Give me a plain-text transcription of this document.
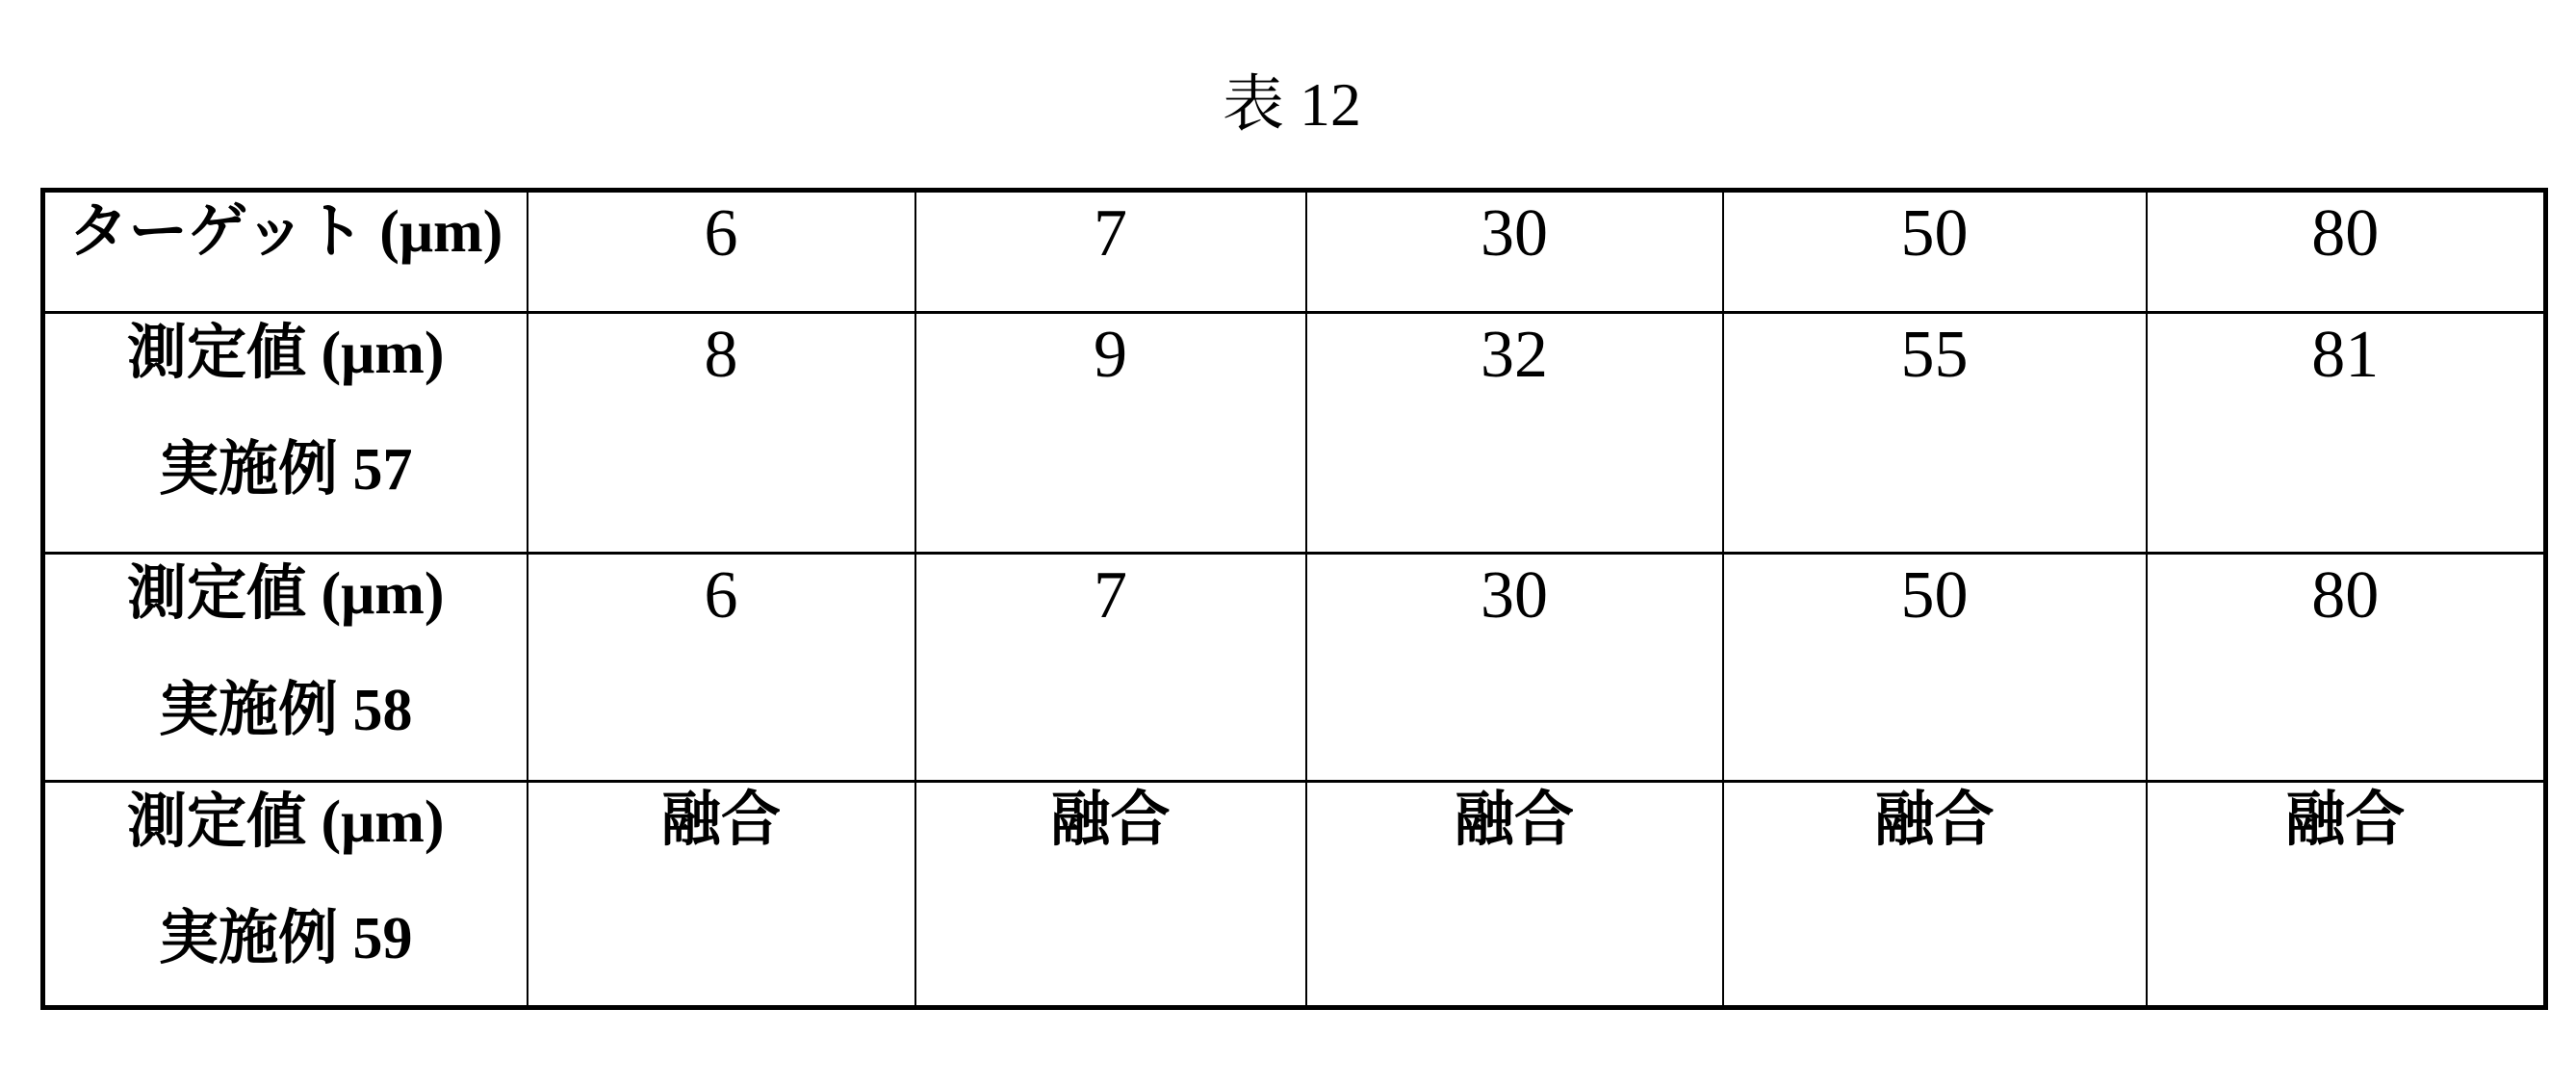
表 12
ターゲット (μm)	6	7	30	50	80

測定値 (μm)
実施例 57	8	9	32	55	81

測定値 (μm)
実施例 58	6	7	30	50	80

測定値 (μm)
実施例 59	融合	融合	融合	融合	融合
